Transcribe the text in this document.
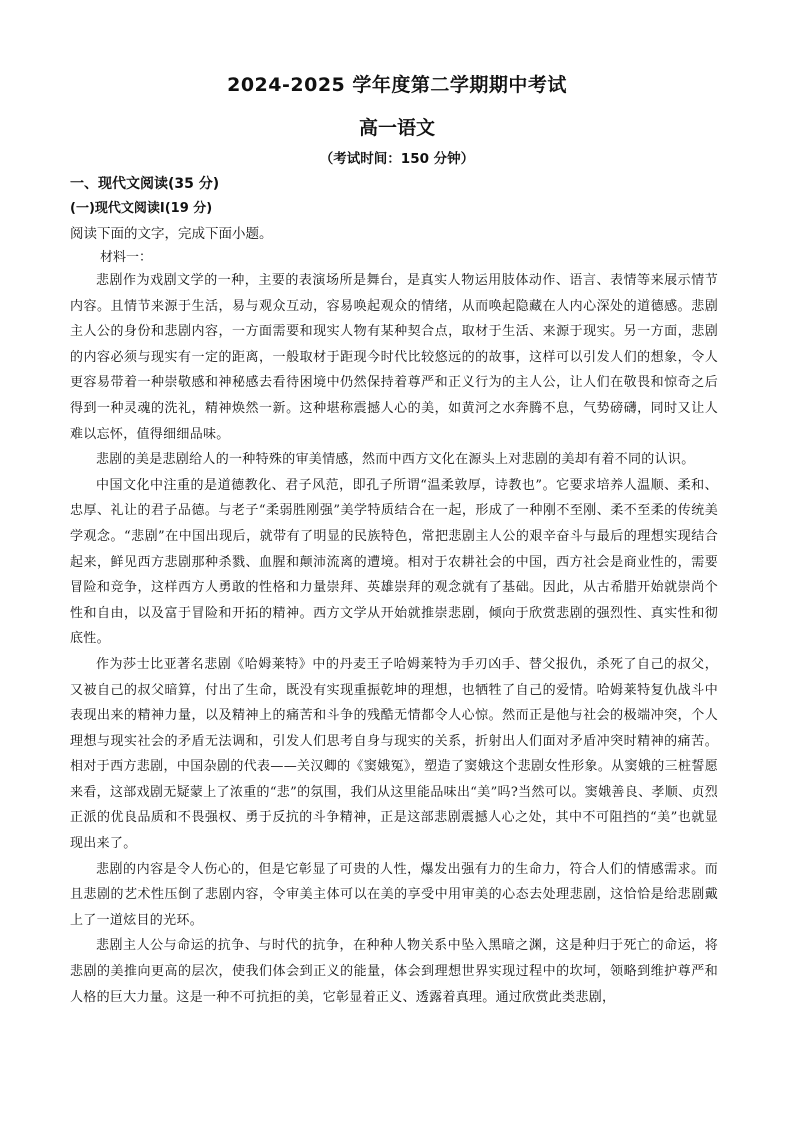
2024-2025 学年度第二学期期中考试
高一语文
（考试时间：150 分钟）
一、现代文阅读(35 分)
(一)现代文阅读Ⅰ(19 分)
阅读下面的文字，完成下面小题。
材料一：

悲剧作为戏剧文学的一种，主要的表演场所是舞台，是真实人物运用肢体动作、语言、表情等来展示情节内容。且情节来源于生活，易与观众互动，容易唤起观众的情绪，从而唤起隐藏在人内心深处的道德感。悲剧主人公的身份和悲剧内容，一方面需要和现实人物有某种契合点，取材于生活、来源于现实。另一方面，悲剧的内容必须与现实有一定的距离，一般取材于距现今时代比较悠远的的故事，这样可以引发人们的想象，令人更容易带着一种崇敬感和神秘感去看待困境中仍然保持着尊严和正义行为的主人公，让人们在敬畏和惊奇之后得到一种灵魂的洗礼，精神焕然一新。这种堪称震撼人心的美，如黄河之水奔腾不息，气势磅礴，同时又让人难以忘怀，值得细细品味。

悲剧的美是悲剧给人的一种特殊的审美情感，然而中西方文化在源头上对悲剧的美却有着不同的认识。

中国文化中注重的是道德教化、君子风范，即孔子所谓“温柔敦厚，诗教也”。它要求培养人温顺、柔和、忠厚、礼让的君子品德。与老子“柔弱胜刚强”美学特质结合在一起，形成了一种刚不至刚、柔不至柔的传统美学观念。“悲剧”在中国出现后，就带有了明显的民族特色，常把悲剧主人公的艰辛奋斗与最后的理想实现结合起来，鲜见西方悲剧那种杀戮、血腥和颠沛流离的遭境。相对于农耕社会的中国，西方社会是商业性的，需要冒险和竞争，这样西方人勇敢的性格和力量崇拜、英雄崇拜的观念就有了基础。因此，从古希腊开始就崇尚个性和自由，以及富于冒险和开拓的精神。西方文学从开始就推崇悲剧，倾向于欣赏悲剧的强烈性、真实性和彻底性。

作为莎士比亚著名悲剧《哈姆莱特》中的丹麦王子哈姆莱特为手刃凶手、替父报仇，杀死了自己的叔父，又被自己的叔父暗算，付出了生命，既没有实现重振乾坤的理想，也牺牲了自己的爱情。哈姆莱特复仇战斗中表现出来的精神力量，以及精神上的痛苦和斗争的残酷无情都令人心惊。然而正是他与社会的极端冲突，个人理想与现实社会的矛盾无法调和，引发人们思考自身与现实的关系，折射出人们面对矛盾冲突时精神的痛苦。相对于西方悲剧，中国杂剧的代表——关汉卿的《窦娥冤》，塑造了窦娥这个悲剧女性形象。从窦娥的三桩誓愿来看，这部戏剧无疑蒙上了浓重的“悲”的氛围，我们从这里能品味出“美”吗?当然可以。窦娥善良、孝顺、贞烈正派的优良品质和不畏强权、勇于反抗的斗争精神，正是这部悲剧震撼人心之处，其中不可阻挡的“美”也就显现出来了。

悲剧的内容是令人伤心的，但是它彰显了可贵的人性，爆发出强有力的生命力，符合人们的情感需求。而且悲剧的艺术性压倒了悲剧内容，令审美主体可以在美的享受中用审美的心态去处理悲剧，这恰恰是给悲剧戴上了一道炫目的光环。

悲剧主人公与命运的抗争、与时代的抗争，在种种人物关系中坠入黑暗之渊，这是种归于死亡的命运，将悲剧的美推向更高的层次，使我们体会到正义的能量，体会到理想世界实现过程中的坎坷，领略到维护尊严和人格的巨大力量。这是一种不可抗拒的美，它彰显着正义、透露着真理。通过欣赏此类悲剧，
